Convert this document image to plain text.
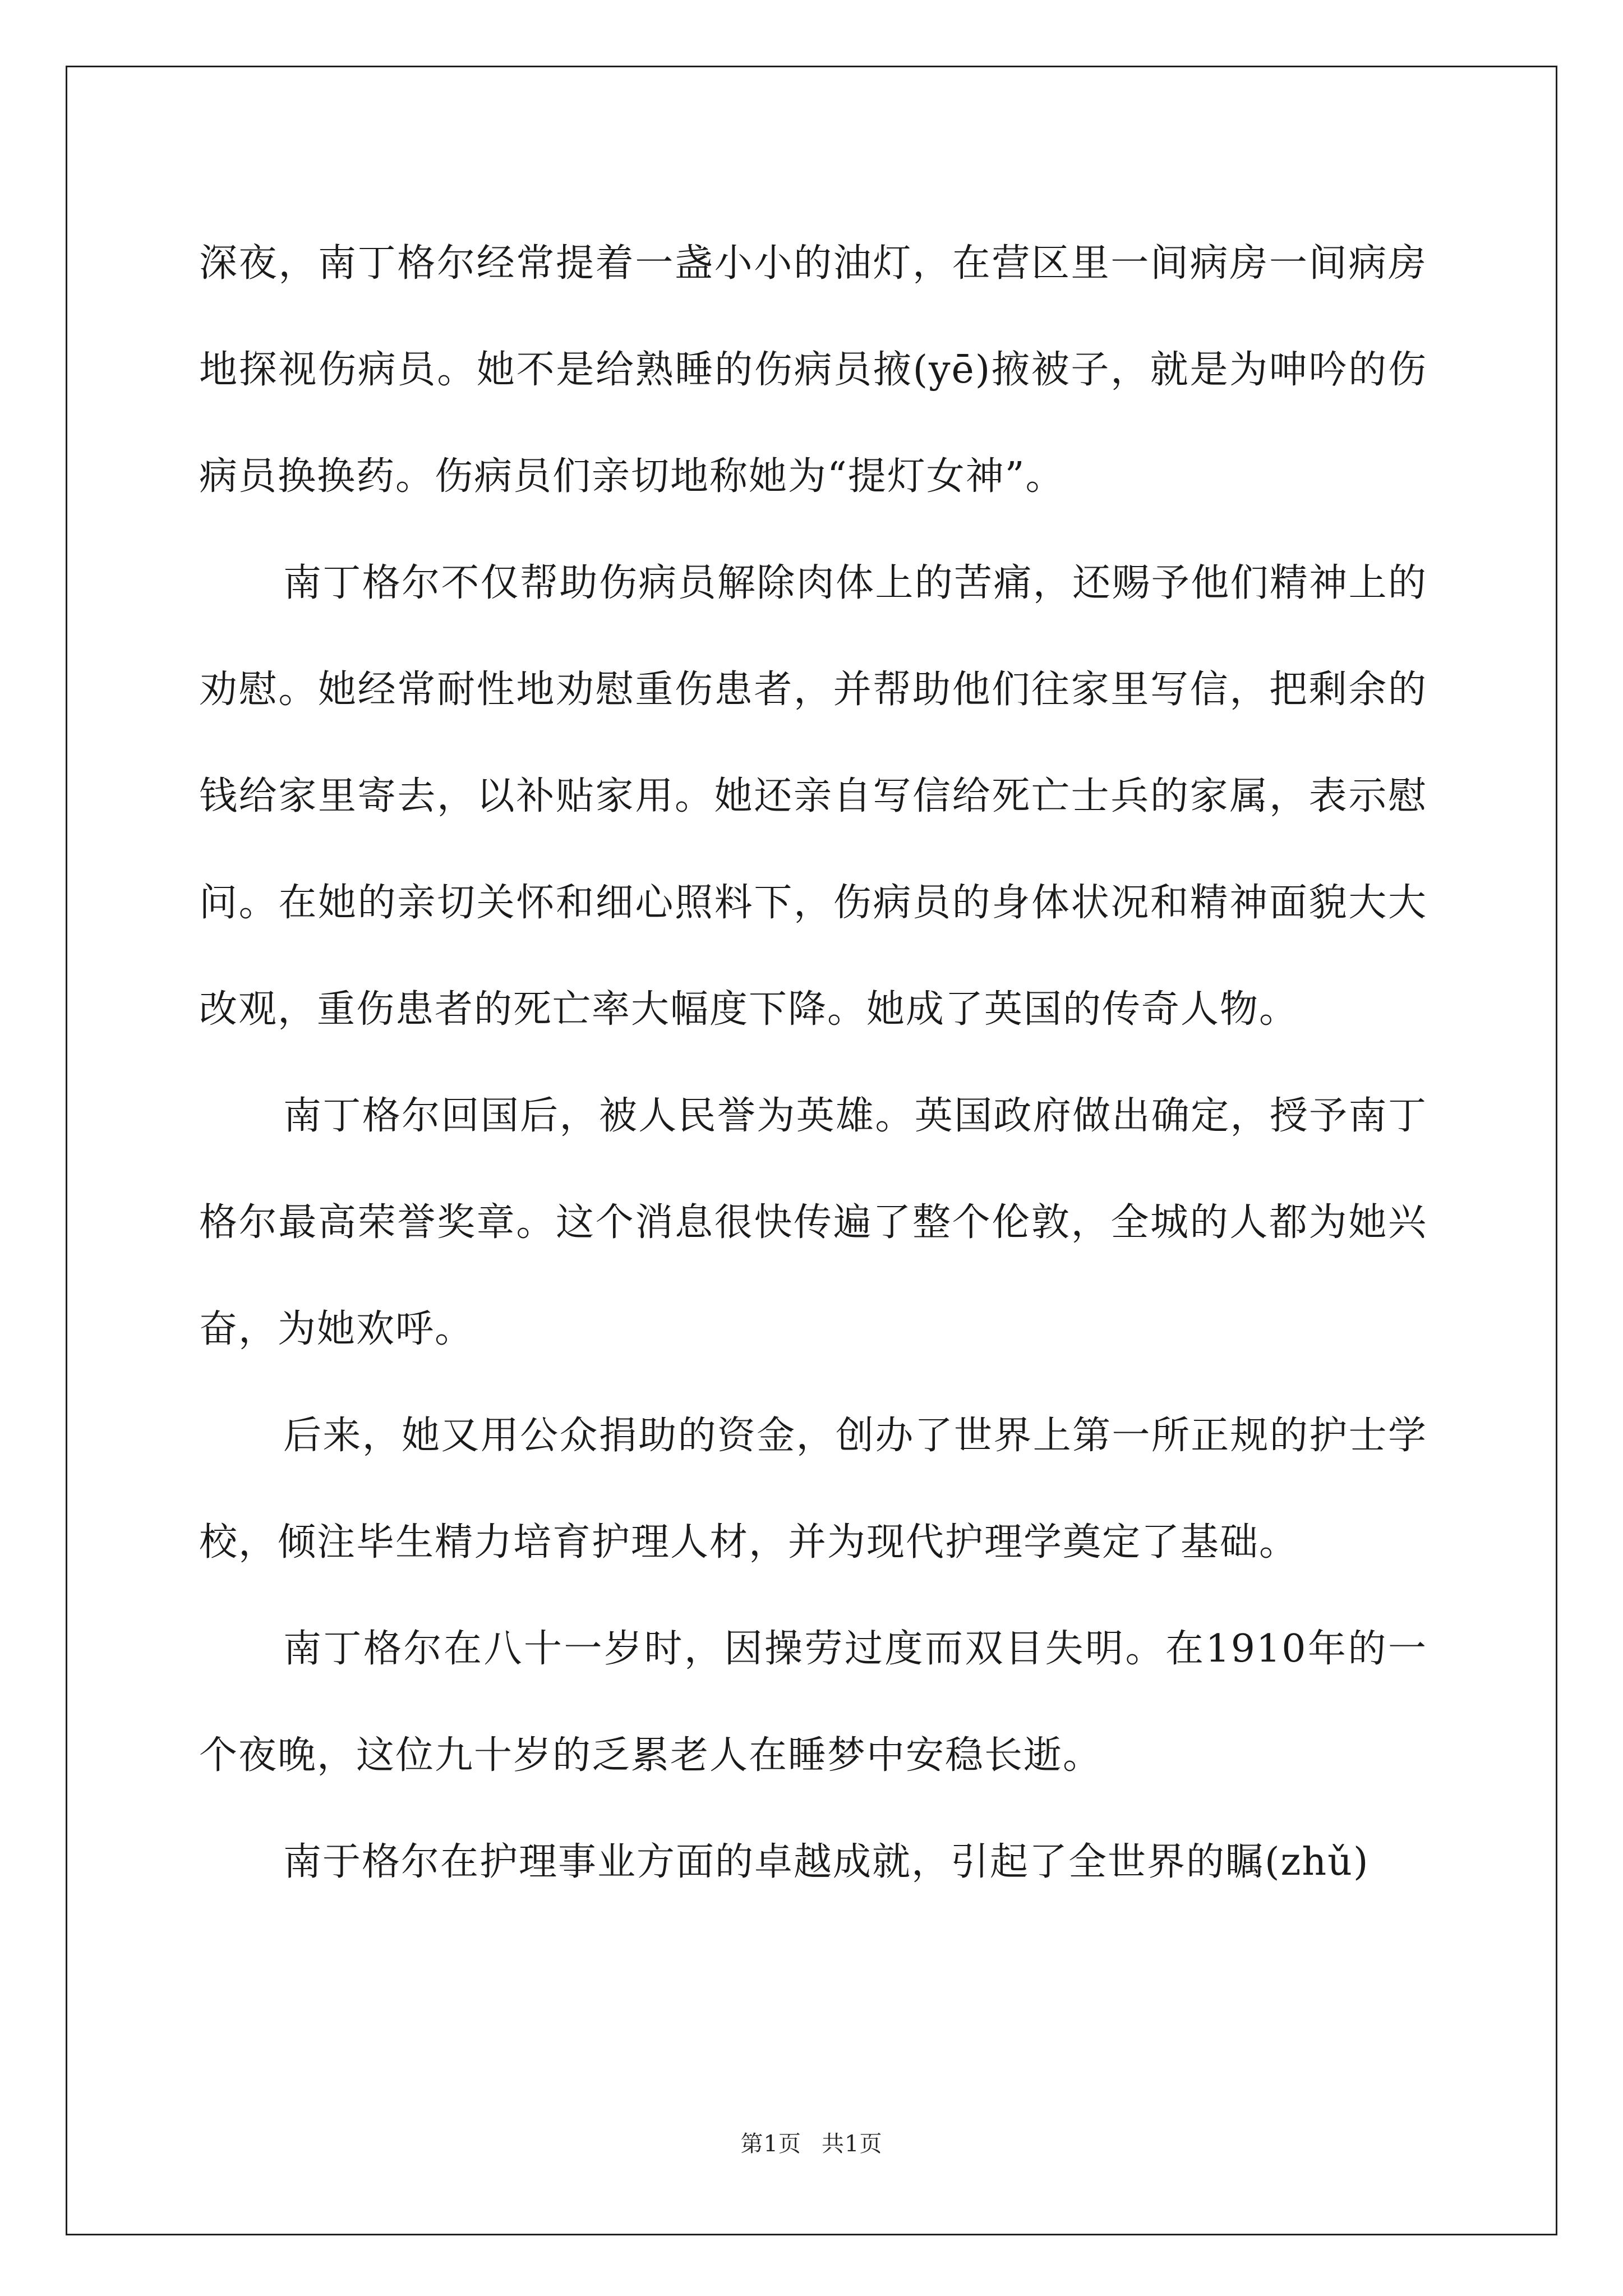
深夜，南丁格尔经常提着一盏小小的油灯，在营区里一间病房一间病房地探视伤病员。她不是给熟睡的伤病员掖(yē)掖被子，就是为呻吟的伤病员换换药。伤病员们亲切地称她为“提灯女神”。

南丁格尔不仅帮助伤病员解除肉体上的苦痛，还赐予他们精神上的劝慰。她经常耐性地劝慰重伤患者，并帮助他们往家里写信，把剩余的钱给家里寄去，以补贴家用。她还亲自写信给死亡士兵的家属，表示慰问。在她的亲切关怀和细心照料下，伤病员的身体状况和精神面貌大大改观，重伤患者的死亡率大幅度下降。她成了英国的传奇人物。

南丁格尔回国后，被人民誉为英雄。英国政府做出确定，授予南丁格尔最高荣誉奖章。这个消息很快传遍了整个伦敦，全城的人都为她兴奋，为她欢呼。

后来，她又用公众捐助的资金，创办了世界上第一所正规的护士学校，倾注毕生精力培育护理人材，并为现代护理学奠定了基础。

南丁格尔在八十一岁时，因操劳过度而双目失明。在1910年的一个夜晚，这位九十岁的乏累老人在睡梦中安稳长逝。

南于格尔在护理事业方面的卓越成就，引起了全世界的瞩(zhǔ)

第1页 共1页
